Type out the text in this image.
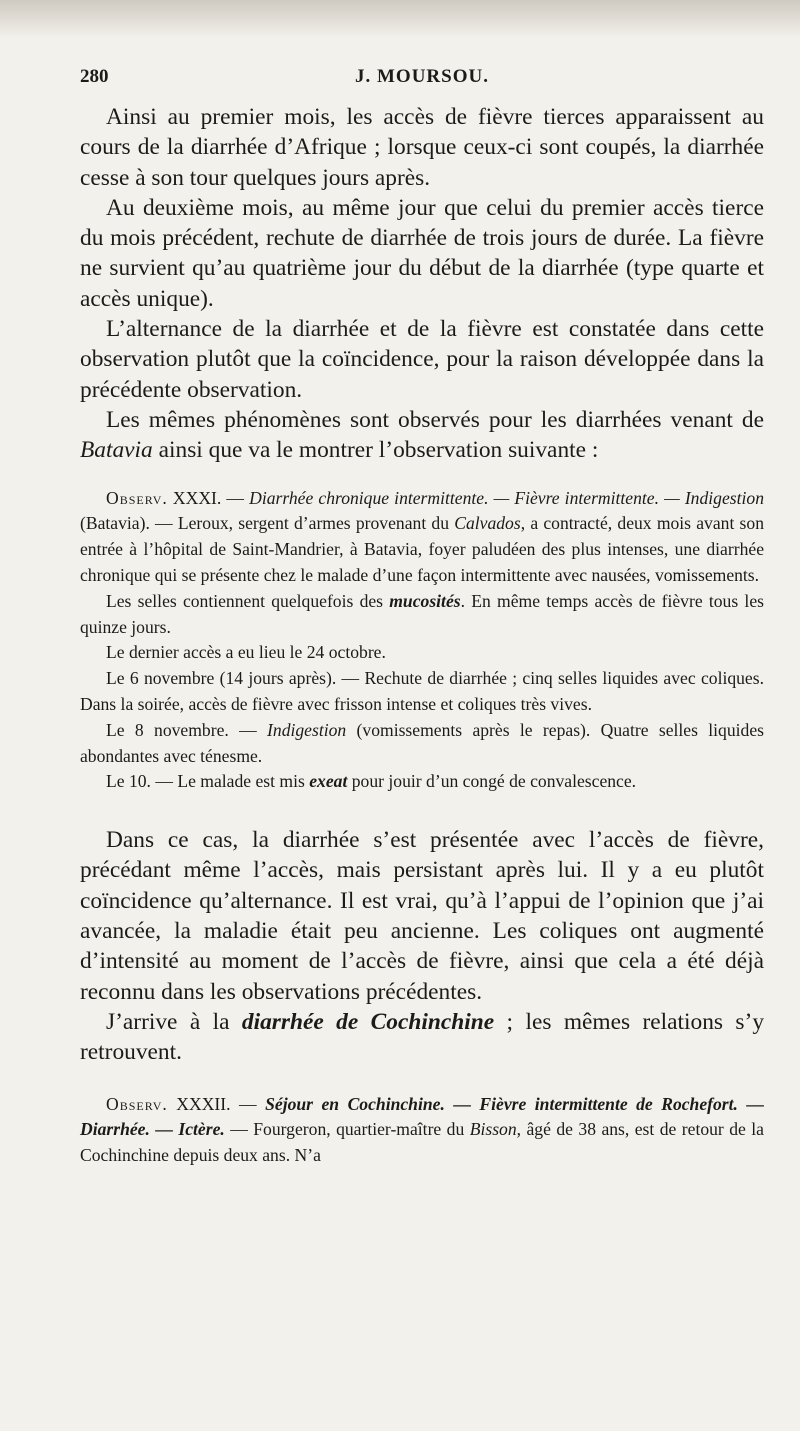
280	J. MOURSOU.

Ainsi au premier mois, les accès de fièvre tierces apparaissent au cours de la diarrhée d’Afrique ; lorsque ceux-ci sont coupés, la diarrhée cesse à son tour quelques jours après.

Au deuxième mois, au même jour que celui du premier accès tierce du mois précédent, rechute de diarrhée de trois jours de durée. La fièvre ne survient qu’au quatrième jour du début de la diarrhée (type quarte et accès unique).

L’alternance de la diarrhée et de la fièvre est constatée dans cette observation plutôt que la coïncidence, pour la raison développée dans la précédente observation.

Les mêmes phénomènes sont observés pour les diarrhées venant de Batavia ainsi que va le montrer l’observation suivante :

Observ. XXXI. — Diarrhée chronique intermittente. — Fièvre intermittente. — Indigestion (Batavia). — Leroux, sergent d’armes provenant du Calvados, a contracté, deux mois avant son entrée à l’hôpital de Saint-Mandrier, à Batavia, foyer paludéen des plus intenses, une diarrhée chronique qui se présente chez le malade d’une façon intermittente avec nausées, vomissements.

Les selles contiennent quelquefois des mucosités. En même temps accès de fièvre tous les quinze jours.

Le dernier accès a eu lieu le 24 octobre.

Le 6 novembre (14 jours après). — Rechute de diarrhée ; cinq selles liquides avec coliques. Dans la soirée, accès de fièvre avec frisson intense et coliques très vives.

Le 8 novembre. — Indigestion (vomissements après le repas). Quatre selles liquides abondantes avec ténesme.

Le 10. — Le malade est mis exeat pour jouir d’un congé de convalescence.

Dans ce cas, la diarrhée s’est présentée avec l’accès de fièvre, précédant même l’accès, mais persistant après lui. Il y a eu plutôt coïncidence qu’alternance. Il est vrai, qu’à l’appui de l’opinion que j’ai avancée, la maladie était peu ancienne. Les coliques ont augmenté d’intensité au moment de l’accès de fièvre, ainsi que cela a été déjà reconnu dans les observations précédentes.

J’arrive à la diarrhée de Cochinchine ; les mêmes relations s’y retrouvent.

Observ. XXXII. — Séjour en Cochinchine. — Fièvre intermittente de Rochefort. — Diarrhée. — Ictère. — Fourgeron, quartier-maître du Bisson, âgé de 38 ans, est de retour de la Cochinchine depuis deux ans. N’a
